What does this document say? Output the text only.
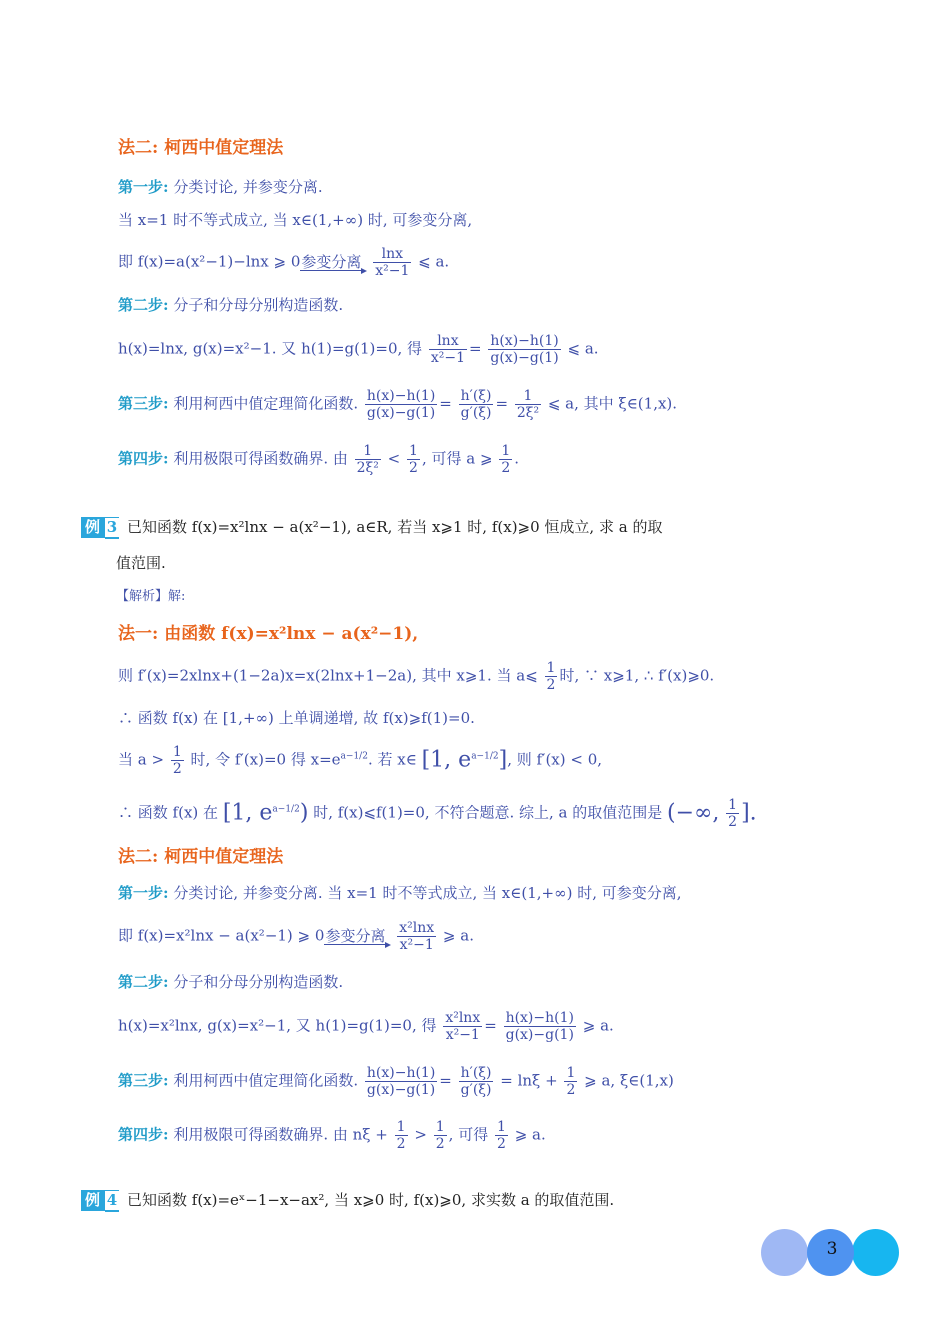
法二: 柯西中值定理法
第一步: 分类讨论, 并参变分离.
当 x=1 时不等式成立, 当 x∈(1,+∞) 时, 可参变分离,
即 f(x)=a(x²−1)−lnx ⩾ 0参变分离 $\frac{\ln x}{\text{x²−1}}$ ⩽ a.
第二步: 分子和分母分别构造函数.
h(x)=lnx, g(x)=x²−1. 又 h(1)=g(1)=0, 得 $\frac{\ln x}{\text{x²−1}} = \frac{h(x)-h(1)}{g(x)-g(1)}$ ⩽ a.
第三步: 利用柯西中值定理简化函数. $\frac{h(x)-h(1)}{g(x)-g(1)} = \frac{h'(\xi)}{g'(\xi)} = \frac{1}{\text{2ξ²}}$ ⩽ a, 其中 ξ∈(1,x).
第四步: 利用极限可得函数确界. 由 $\frac{1}{\text{2ξ²}} < \frac{1}{2}$ , 可得 a ⩾ $\frac{1}{2}$ .
例 3 已知函数 f(x)=x²lnx − a(x²−1), a∈R, 若当 x⩾1 时, f(x)⩾0 恒成立, 求 a 的取
值范围.
【解析】解:
法一: 由函数 f(x)=x²lnx − a(x²−1),
则 f′(x)=2xlnx+(1−2a)x=x(2lnx+1−2a), 其中 x⩾1. 当 a⩽ $\frac{1}{2}$ 时, ∵ x⩾1, ∴ f′(x)⩾0.
∴ 函数 f(x) 在 [1,+∞) 上单调递增, 故 f(x)⩾f(1)=0.
当 $a > \frac{1}{2}$ 时, 令 f′(x)=0 得 $x=e^{a-1/2}$. 若 x∈ [1, $e^{a-1/2}$], 则 f′(x) < 0,
∴ 函数 f(x) 在 [1, $e^{a-1/2}$) 时, f(x)⩽f(1)=0, 不符合题意. 综上, a 的取值范围是 (−∞, $\frac{1}{2}$ ].
法二: 柯西中值定理法
第一步: 分类讨论, 并参变分离. 当 x=1 时不等式成立, 当 x∈(1,+∞) 时, 可参变分离,
即 f(x)=x²lnx − a(x²−1) ⩾ 0参变分离 $\frac{\text{x²lnx}}{\text{x²−1}}$ ⩾ a.
第二步: 分子和分母分别构造函数.
h(x)=x²lnx, g(x)=x²−1, 又 h(1)=g(1)=0, 得 $\frac{\text{x²lnx}}{\text{x²−1}} = \frac{h(x)-h(1)}{g(x)-g(1)}$ ⩾ a.
第三步: 利用柯西中值定理简化函数. $\frac{h(x)-h(1)}{g(x)-g(1)} = \frac{h'(\xi)}{g'(\xi)} = \ln\xi + \frac{1}{2}$ ⩾ a, ξ∈(1,x)
第四步: 利用极限可得函数确界. 由 $n\xi + \frac{1}{2} > \frac{1}{2}$ , 可得 $\frac{1}{2}$ ⩾ a.
例 4 已知函数 f(x)=eˣ−1−x−ax², 当 x⩾0 时, f(x)⩾0, 求实数 a 的取值范围.
3
